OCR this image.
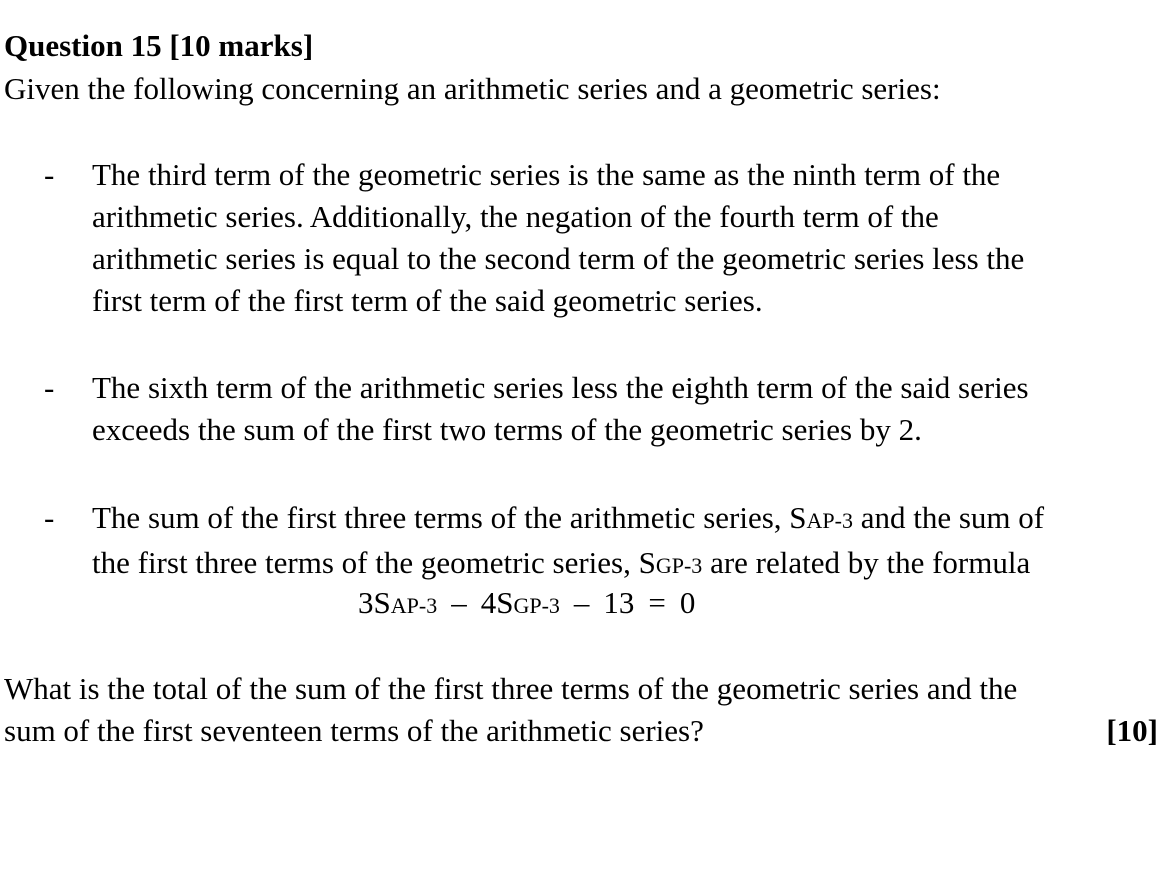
Question 15 [10 marks]
Given the following concerning an arithmetic series and a geometric series:
- The third term of the geometric series is the same as the ninth term of the
arithmetic series. Additionally, the negation of the fourth term of the
arithmetic series is equal to the second term of the geometric series less the
first term of the first term of the said geometric series.
- The sixth term of the arithmetic series less the eighth term of the said series
exceeds the sum of the first two terms of the geometric series by 2.
- The sum of the first three terms of the arithmetic series, SAP-3 and the sum of
the first three terms of the geometric series, SGP-3 are related by the formula
3SAP-3 – 4SGP-3 – 13 = 0
What is the total of the sum of the first three terms of the geometric series and the
sum of the first seventeen terms of the arithmetic series?	[10]
